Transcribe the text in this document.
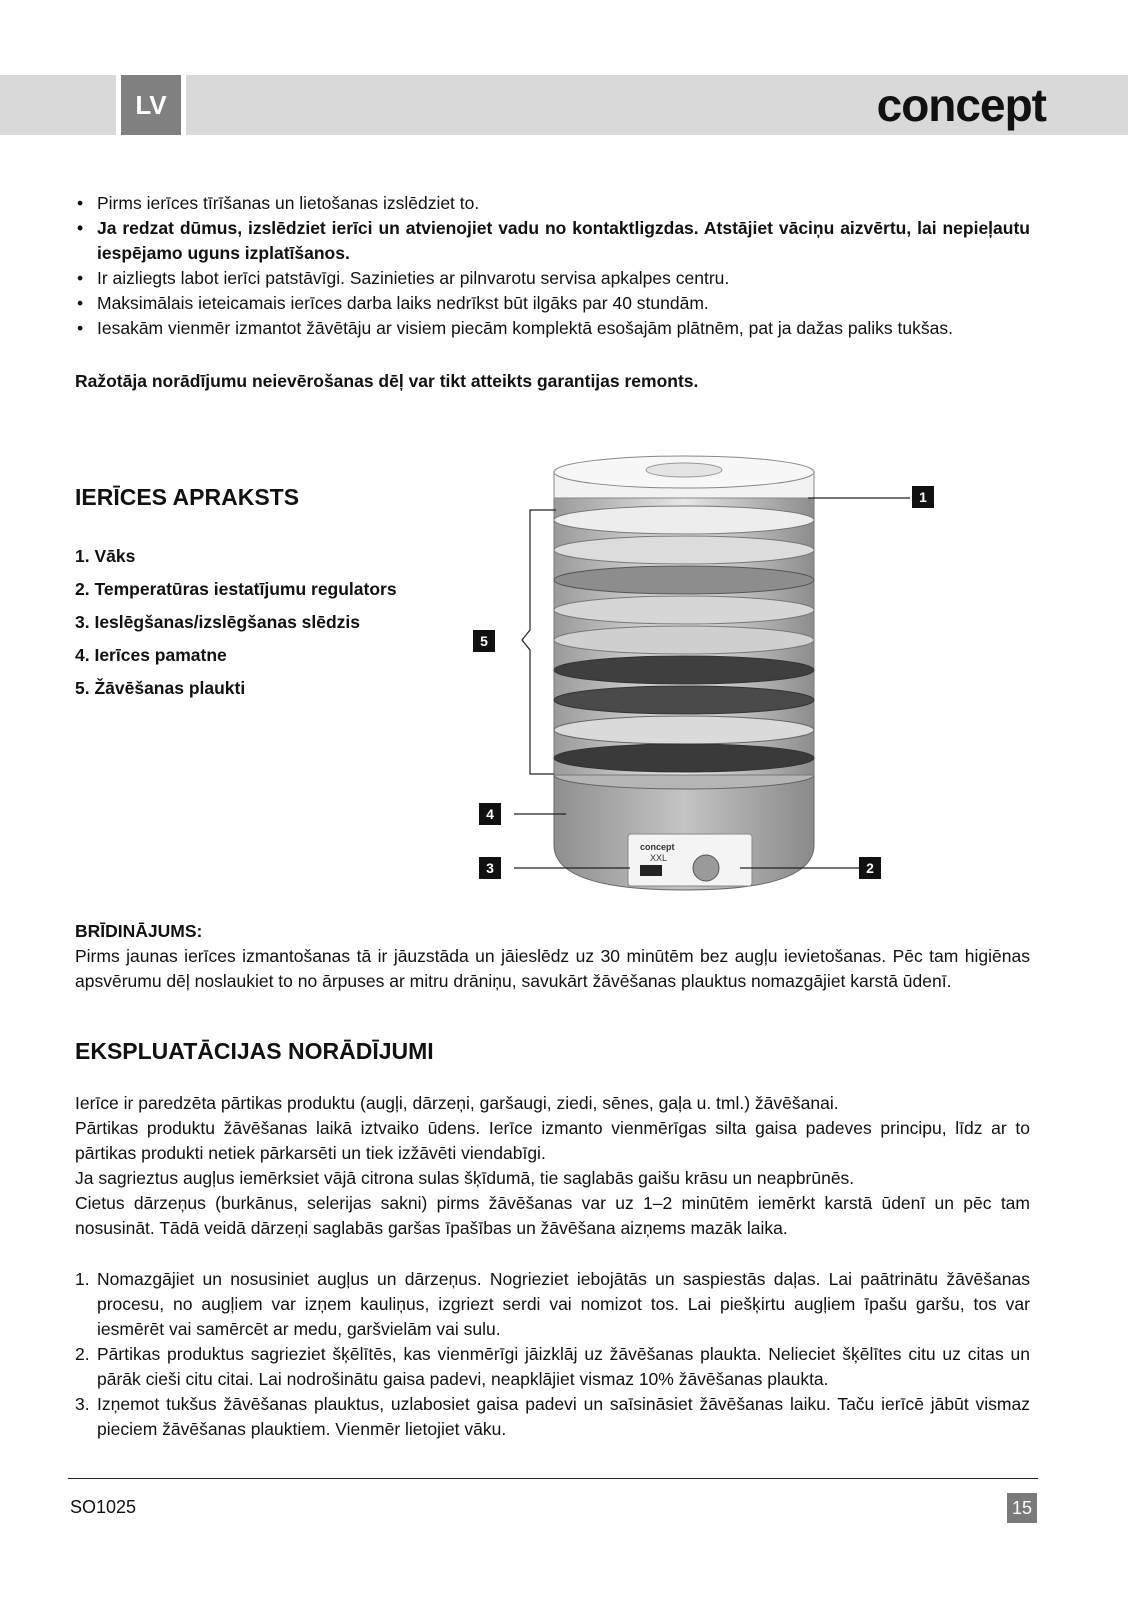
LV	concept
• Pirms ierīces tīrīšanas un lietošanas izslēdziet to.
• Ja redzat dūmus, izslēdziet ierīci un atvienojiet vadu no kontaktligzdas. Atstājiet vāciņu aizvērtu, lai nepieļautu iespējamo uguns izplatīšanos.
• Ir aizliegts labot ierīci patstāvīgi. Sazinieties ar pilnvarotu servisa apkalpes centru.
• Maksimālais ieteicamais ierīces darba laiks nedrīkst būt ilgāks par 40 stundām.
• Iesakām vienmēr izmantot žāvētāju ar visiem piecām komplektā esošajām plātnēm, pat ja dažas paliks tukšas.
Ražotāja norādījumu neievērošanas dēļ var tikt atteikts garantijas remonts.
IERĪCES APRAKSTS
1. Vāks
2. Temperatūras iestatījumu regulators
3. Ieslēgšanas/izslēgšanas slēdzis
4. Ierīces pamatne
5. Žāvēšanas plaukti
concept
XXL
1
2
3
4
5
BRĪDINĀJUMS:

Pirms jaunas ierīces izmantošanas tā ir jāuzstāda un jāieslēdz uz 30 minūtēm bez augļu ievietošanas. Pēc tam higiēnas apsvērumu dēļ noslaukiet to no ārpuses ar mitru drāniņu, savukārt žāvēšanas plauktus nomazgājiet karstā ūdenī.

EKSPLUATĀCIJAS NORĀDĪJUMI

Ierīce ir paredzēta pārtikas produktu (augļi, dārzeņi, garšaugi, ziedi, sēnes, gaļa u. tml.) žāvēšanai.

Pārtikas produktu žāvēšanas laikā iztvaiko ūdens. Ierīce izmanto vienmērīgas silta gaisa padeves principu, līdz ar to pārtikas produkti netiek pārkarsēti un tiek izžāvēti viendabīgi.

Ja sagrieztus augļus iemērksiet vājā citrona sulas šķīdumā, tie saglabās gaišu krāsu un neapbrūnēs.

Cietus dārzeņus (burkānus, selerijas sakni) pirms žāvēšanas var uz 1–2 minūtēm iemērkt karstā ūdenī un pēc tam nosusināt. Tādā veidā dārzeņi saglabās garšas īpašības un žāvēšana aizņems mazāk laika.

1. Nomazgājiet un nosusiniet augļus un dārzeņus. Nogrieziet iebojātās un saspiestās daļas. Lai paātrinātu žāvēšanas procesu, no augļiem var izņem kauliņus, izgriezt serdi vai nomizot tos. Lai piešķirtu augļiem īpašu garšu, tos var iesmērēt vai samērcēt ar medu, garšvielām vai sulu.
2. Pārtikas produktus sagrieziet šķēlītēs, kas vienmērīgi jāizklāj uz žāvēšanas plaukta. Nelieciet šķēlītes citu uz citas un pārāk cieši citu citai. Lai nodrošinātu gaisa padevi, neapklājiet vismaz 10% žāvēšanas plaukta.
3. Izņemot tukšus žāvēšanas plauktus, uzlabosiet gaisa padevi un saīsināsiet žāvēšanas laiku. Taču ierīcē jābūt vismaz pieciem žāvēšanas plauktiem. Vienmēr lietojiet vāku.
SO1025	15
